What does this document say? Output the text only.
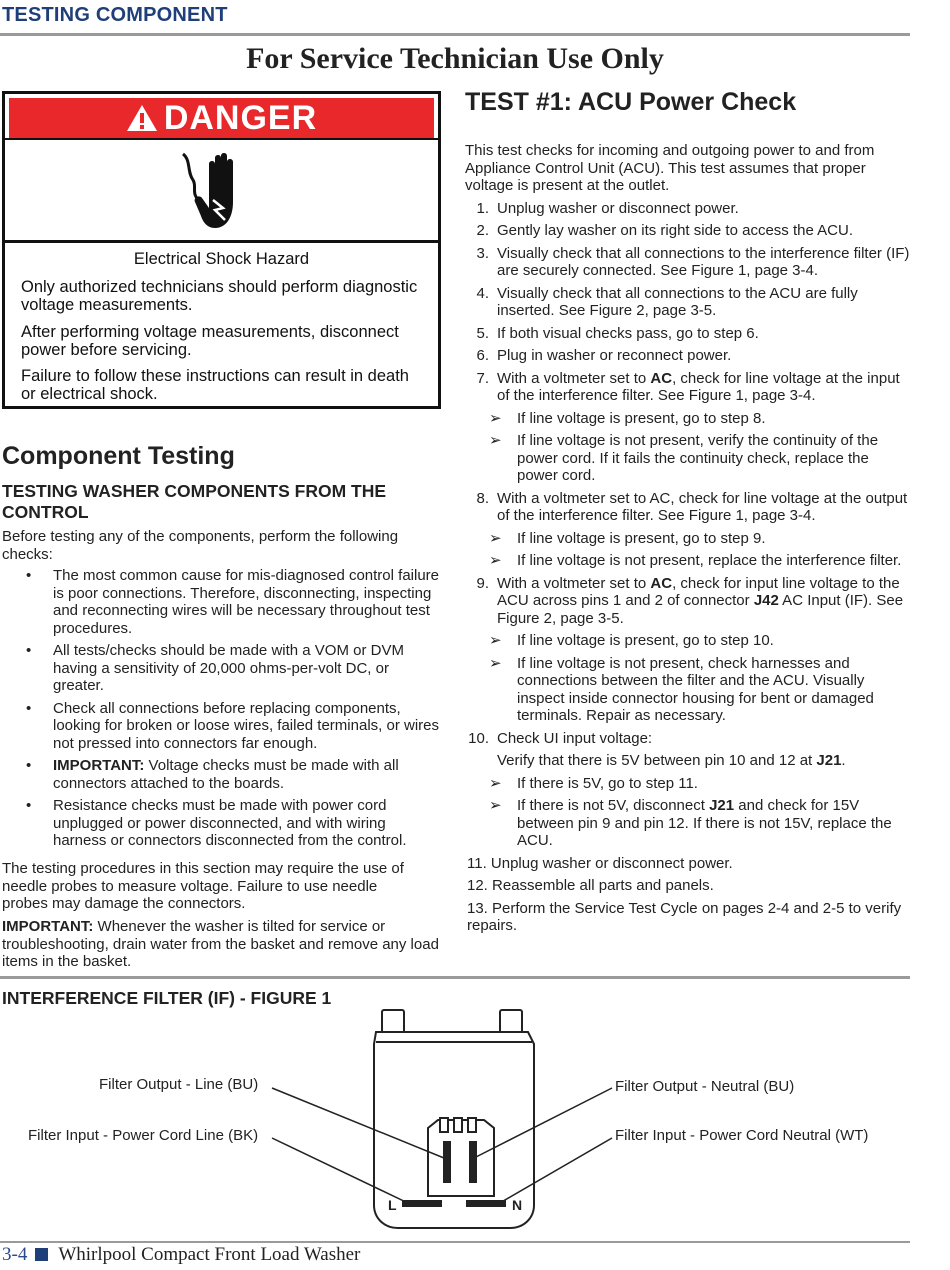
TESTING COMPONENT
For Service Technician Use Only
DANGER
Electrical Shock Hazard
Only authorized technicians should perform diagnostic voltage measurements.
After performing voltage measurements, disconnect power before servicing.
Failure to follow these instructions can result in death or electrical shock.
Component Testing
TESTING WASHER COMPONENTS FROM THE CONTROL
Before testing any of the components, perform the following checks:
• The most common cause for mis-diagnosed control failure is poor connections. Therefore, disconnecting, inspecting and reconnecting wires will be necessary throughout test procedures.
• All tests/checks should be made with a VOM or DVM having a sensitivity of 20,000 ohms-per-volt DC, or greater.
• Check all connections before replacing components, looking for broken or loose wires, failed terminals, or wires not pressed into connectors far enough.
• IMPORTANT: Voltage checks must be made with all connectors attached to the boards.
• Resistance checks must be made with power cord unplugged or power disconnected, and with wiring harness or connectors disconnected from the control.
The testing procedures in this section may require the use of needle probes to measure voltage. Failure to use needle probes may damage the connectors.
IMPORTANT: Whenever the washer is tilted for service or troubleshooting, drain water from the basket and remove any load items in the basket.
TEST #1: ACU Power Check
This test checks for incoming and outgoing power to and from Appliance Control Unit (ACU). This test assumes that proper voltage is present at the outlet.
1. Unplug washer or disconnect power.
2. Gently lay washer on its right side to access the ACU.
3. Visually check that all connections to the interference filter (IF) are securely connected. See Figure 1, page 3-4.
4. Visually check that all connections to the ACU are fully inserted. See Figure 2, page 3-5.
5. If both visual checks pass, go to step 6.
6. Plug in washer or reconnect power.
7. With a voltmeter set to AC, check for line voltage at the input of the interference filter. See Figure 1, page 3-4.
➢ If line voltage is present, go to step 8.
➢ If line voltage is not present, verify the continuity of the power cord. If it fails the continuity check, replace the power cord.
8. With a voltmeter set to AC, check for line voltage at the output of the interference filter. See Figure 1, page 3-4.
➢ If line voltage is present, go to step 9.
➢ If line voltage is not present, replace the interference filter.
9. With a voltmeter set to AC, check for input line voltage to the ACU across pins 1 and 2 of connector J42 AC Input (IF). See Figure 2, page 3-5.
➢ If line voltage is present, go to step 10.
➢ If line voltage is not present, check harnesses and connections between the filter and the ACU. Visually inspect inside connector housing for bent or damaged terminals. Repair as necessary.
10. Check UI input voltage:
Verify that there is 5V between pin 10 and 12 at J21.
➢ If there is 5V, go to step 11.
➢ If there is not 5V, disconnect J21 and check for 15V between pin 9 and pin 12. If there is not 15V, replace the ACU.
11. Unplug washer or disconnect power.
12. Reassemble all parts and panels.
13. Perform the Service Test Cycle on pages 2-4 and 2-5 to verify repairs.
INTERFERENCE FILTER (IF) - FIGURE 1
L	N
Filter Output - Line (BU)
Filter Input - Power Cord Line (BK)
Filter Output - Neutral (BU)
Filter Input - Power Cord Neutral (WT)
3-4 Whirlpool Compact Front Load Washer
